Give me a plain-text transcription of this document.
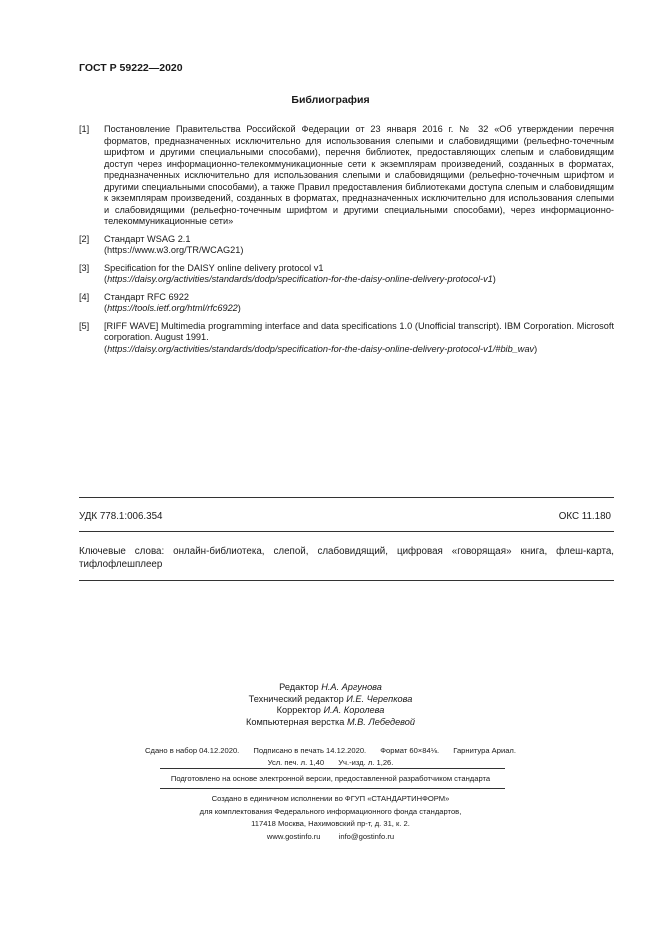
ГОСТ Р 59222—2020
Библиография
[1]	Постановление Правительства Российской Федерации от 23 января 2016 г. № 32 «Об утверждении перечня форматов, предназначенных исключительно для использования слепыми и слабовидящими (рельефно-точечным шрифтом и другими специальными способами), перечня библиотек, предоставляющих слепым и слабовидящим доступ через информационно-телекоммуникационные сети к экземплярам произведений, созданных в форматах, предназначенных исключительно для использования слепыми и слабовидящими (рельефно-точечным шрифтом и другими специальными способами), а также Правил предоставления библиотеками доступа слепым и слабовидящим к экземплярам произведений, созданных в форматах, предназначенных исключительно для использования слепыми и слабовидящими (рельефно-точечным шрифтом и другими специальными способами), через информационно-телекоммуникационные сети»
[2]	Стандарт WSAG 2.1
(https://www.w3.org/TR/WCAG21)
[3]	Specification for the DAISY online delivery protocol v1
(https://daisy.org/activities/standards/dodp/specification-for-the-daisy-online-delivery-protocol-v1)
[4]	Стандарт RFC 6922
(https://tools.ietf.org/html/rfc6922)
[5]	[RIFF WAVE] Multimedia programming interface and data specifications 1.0 (Unofficial transcript). IBM Corporation. Microsoft corporation. August 1991.
(https://daisy.org/activities/standards/dodp/specification-for-the-daisy-online-delivery-protocol-v1/#bib_wav)
УДК 778.1:006.354	ОКС 11.180
Ключевые слова: онлайн-библиотека, слепой, слабовидящий, цифровая «говорящая» книга, флеш-карта, тифлофлешплеер
Редактор Н.А. Аргунова
Технический редактор И.Е. Черепкова
Корректор И.А. Королева
Компьютерная верстка М.В. Лебедевой
Сдано в набор 04.12.2020. Подписано в печать 14.12.2020. Формат 60×84⅛. Гарнитура Ариал.
Усл. печ. л. 1,40 Уч.-изд. л. 1,26.
Подготовлено на основе электронной версии, предоставленной разработчиком стандарта
Создано в единичном исполнении во ФГУП «СТАНДАРТИНФОРМ»
для комплектования Федерального информационного фонда стандартов,
117418 Москва, Нахимовский пр-т, д. 31, к. 2.
www.gostinfo.ru info@gostinfo.ru
